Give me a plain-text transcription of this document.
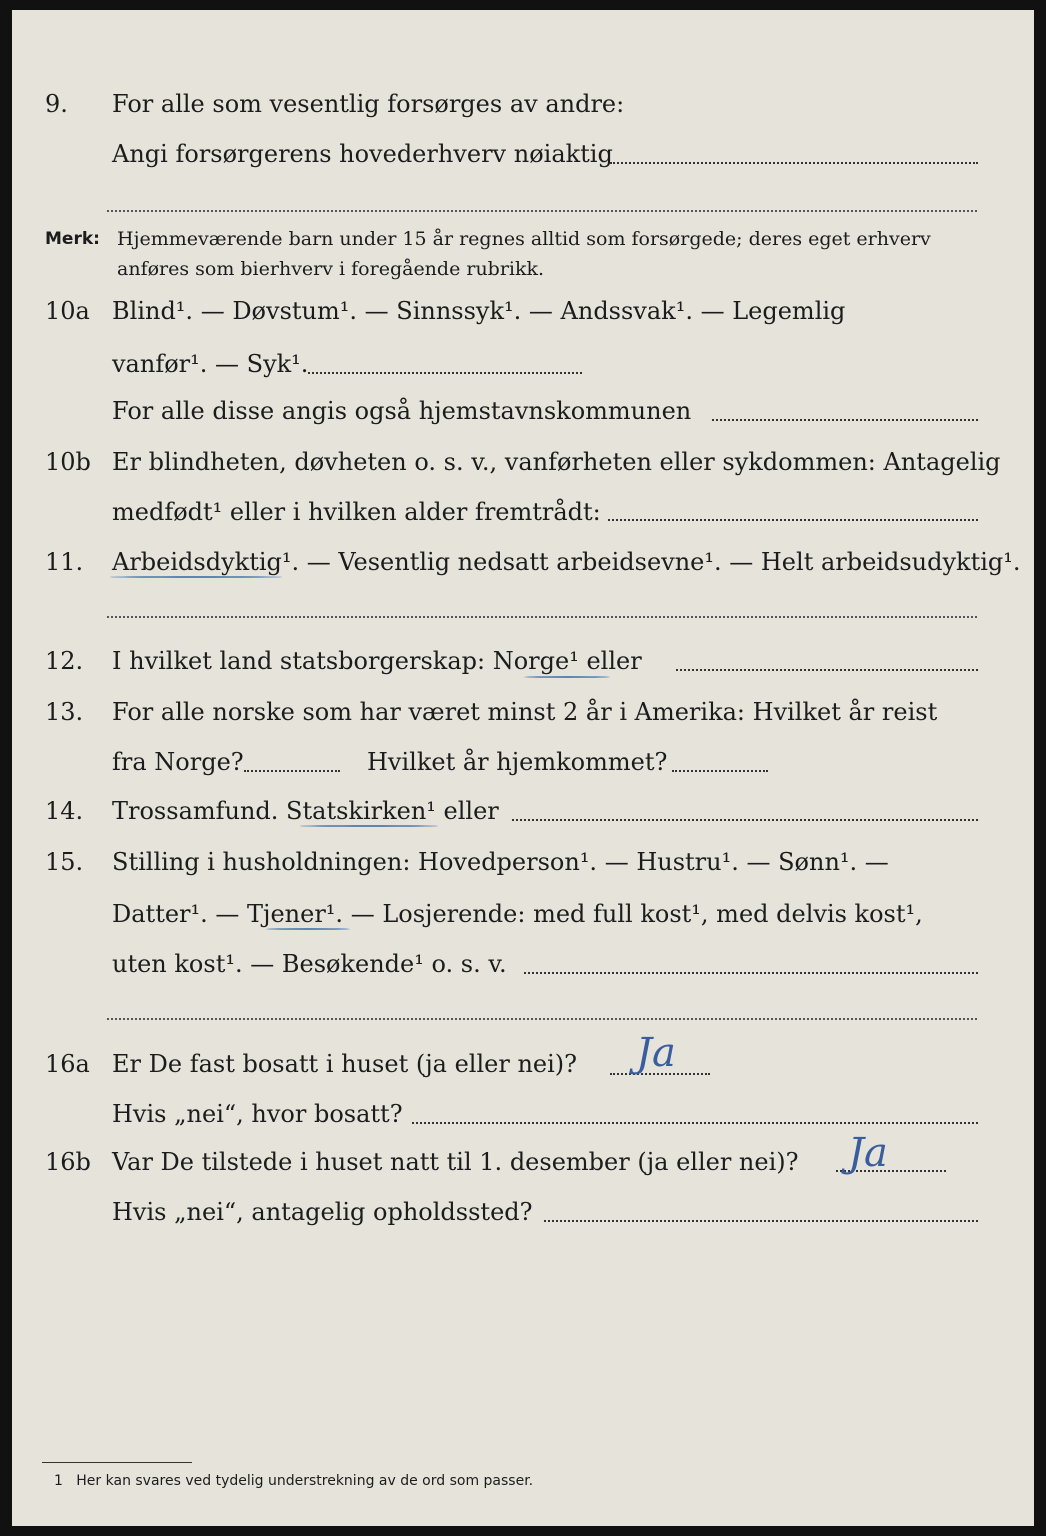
9. For alle som vesentlig forsørges av andre:
Angi forsørgerens hovederhverv nøiaktig
Merk: Hjemmeværende barn under 15 år regnes alltid som forsørgede; deres eget erhverv anføres som bierhverv i foregående rubrikk.
10a Blind¹. — Døvstum¹. — Sinnssyk¹. — Andssvak¹. — Legemlig
vanfør¹. — Syk¹.
For alle disse angis også hjemstavnskommunen
10b Er blindheten, døvheten o. s. v., vanførheten eller sykdommen: Antagelig
medfødt¹ eller i hvilken alder fremtrådt:
11. Arbeidsdyktig¹. — Vesentlig nedsatt arbeidsevne¹. — Helt arbeidsudyktig¹.
12. I hvilket land statsborgerskap: Norge¹ eller
13. For alle norske som har været minst 2 år i Amerika: Hvilket år reist
fra Norge?	Hvilket år hjemkommet?
14. Trossamfund. Statskirken¹ eller
15. Stilling i husholdningen: Hovedperson¹. — Hustru¹. — Sønn¹. —
Datter¹. — Tjener¹. — Losjerende: med full kost¹, med delvis kost¹,
uten kost¹. — Besøkende¹ o. s. v.
16a Er De fast bosatt i huset (ja eller nei)? Ja
Hvis „nei“, hvor bosatt?
16b Var De tilstede i huset natt til 1. desember (ja eller nei)? Ja
Hvis „nei“, antagelig opholdssted?
1 Her kan svares ved tydelig understrekning av de ord som passer.
